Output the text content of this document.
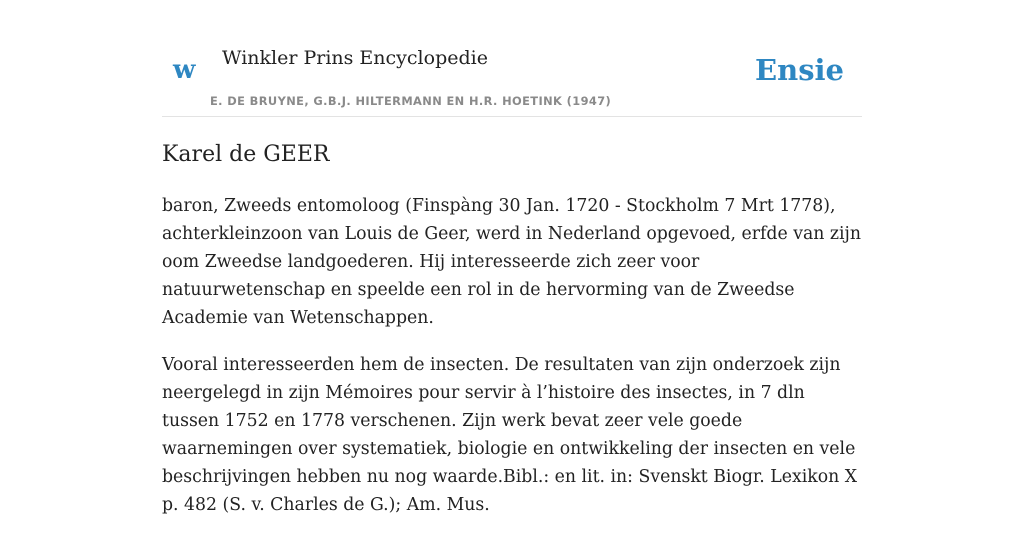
w Winkler Prins Encyclopedie
E. DE BRUYNE, G.B.J. HILTERMANN EN H.R. HOETINK (1947)
Ensie
Karel de GEER

baron, Zweeds entomoloog (Finspàng 30 Jan. 1720 - Stockholm 7 Mrt 1778), achterkleinzoon van Louis de Geer, werd in Nederland opgevoed, erfde van zijn oom Zweedse landgoederen. Hij interesseerde zich zeer voor natuurwetenschap en speelde een rol in de hervorming van de Zweedse Academie van Wetenschappen.

Vooral interesseerden hem de insecten. De resultaten van zijn onderzoek zijn neergelegd in zijn Mémoires pour servir à l’histoire des insectes, in 7 dln tussen 1752 en 1778 verschenen. Zijn werk bevat zeer vele goede waarnemingen over systematiek, biologie en ontwikkeling der insecten en vele beschrijvingen hebben nu nog waarde.Bibl.: en lit. in: Svenskt Biogr. Lexikon X p. 482 (S. v. Charles de G.); Am. Mus.
